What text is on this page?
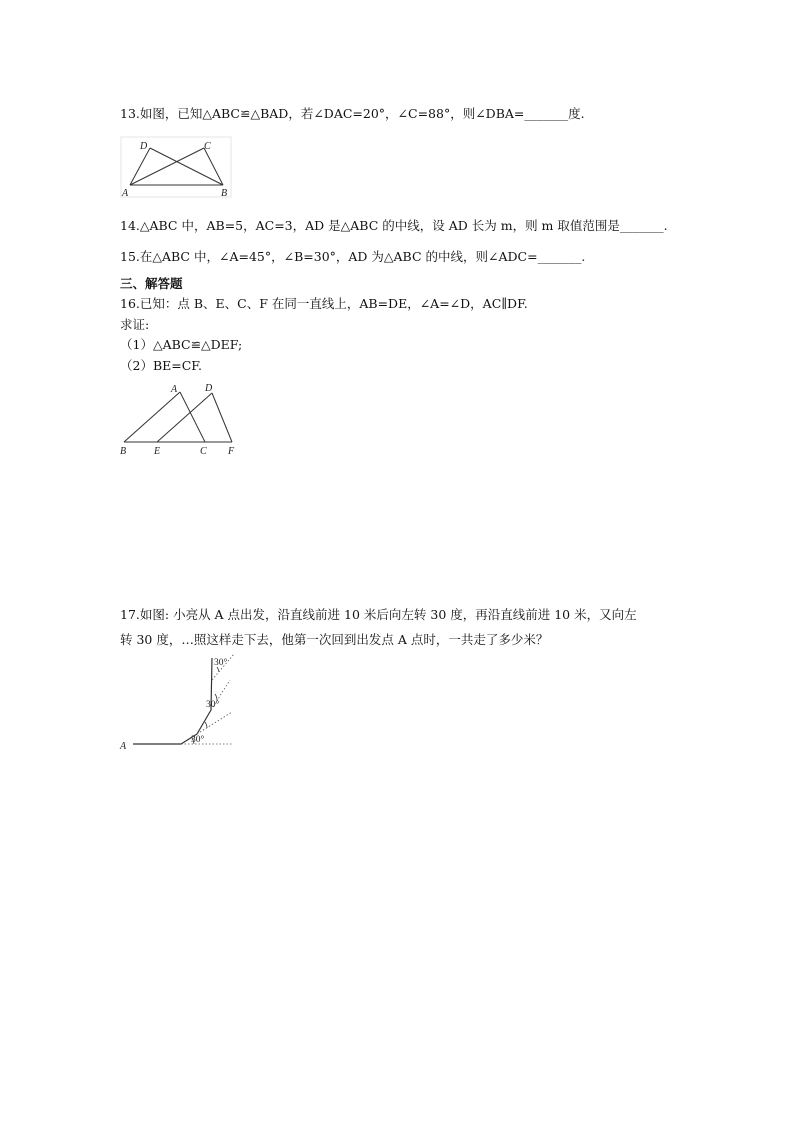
13.如图，已知△ABC≌△BAD，若∠DAC=20°，∠C=88°，则∠DBA=_______度.
D	C
A	B
14.△ABC 中，AB=5，AC=3，AD 是△ABC 的中线，设 AD 长为 m，则 m 取值范围是_______.
15.在△ABC 中，∠A=45°，∠B=30°，AD 为△ABC 的中线，则∠ADC=_______.
三、解答题
16.已知：点 B、E、C、F 在同一直线上，AB=DE，∠A=∠D，AC∥DF.
求证:
（1）△ABC≌△DEF;
（2）BE=CF.
A	D
B	E	C F
17.如图: 小亮从 A 点出发，沿直线前进 10 米后向左转 30 度，再沿直线前进 10 米，又向左
转 30 度，…照这样走下去，他第一次回到出发点 A 点时，一共走了多少米？
A
30°
30°
30°
